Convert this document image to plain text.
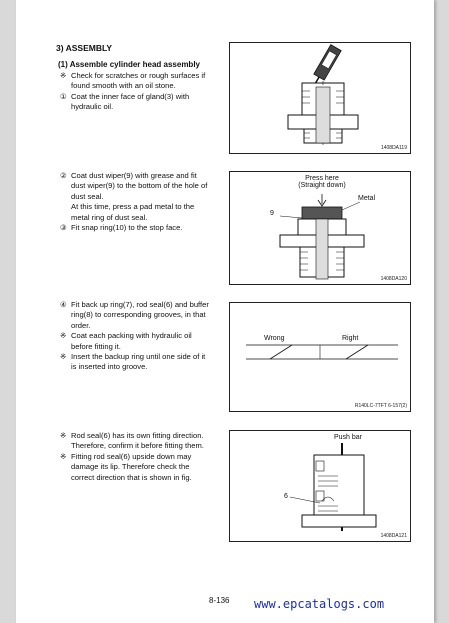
3) ASSEMBLY
(1) Assemble cylinder head assembly
※ Check for scratches or rough surfaces if
found smooth with an oil stone.
① Coat the inner face of gland(3) with
hydraulic oil.
1408DA119
② Coat dust wiper(9) with grease and fit
dust wiper(9) to the bottom of the hole of
dust seal.
At this time, press a pad metal to the
metal ring of dust seal.
③ Fit snap ring(10) to the stop face.
Press here
(Straight down)
Metal
9
1408DA120
④ Fit back up ring(7), rod seal(6) and buffer
ring(8) to corresponding grooves, in that
order.
※ Coat each packing with hydraulic oil
before fitting it.
※ Insert the backup ring until one side of it
is inserted into groove.
Wrong	Right
R140LC-7TFT 6-157(2)
※ Rod seal(6) has its own fitting direction.
Therefore, confirm it before fitting them.
※ Fitting rod seal(6) upside down may
damage its lip. Therefore check the
correct direction that is shown in fig.
Push bar
6
1408DA121
8-136 www.epcatalogs.com
